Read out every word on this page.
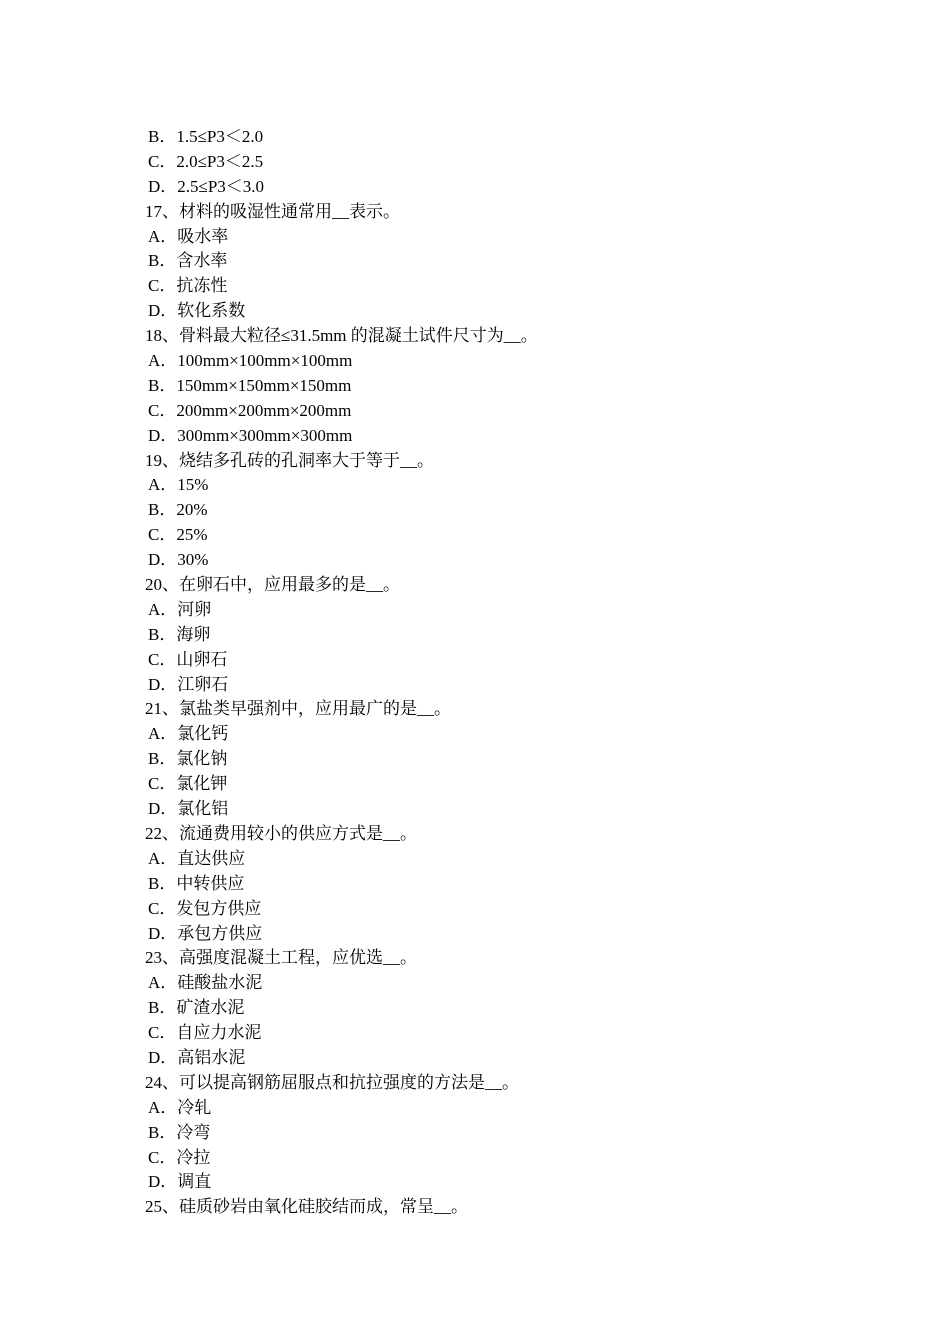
B．1.5≤P3＜2.0
C．2.0≤P3＜2.5
D．2.5≤P3＜3.0
17、材料的吸湿性通常用__表示。
A．吸水率
B．含水率
C．抗冻性
D．软化系数
18、骨料最大粒径≤31.5mm 的混凝土试件尺寸为__。
A．100mm×100mm×100mm
B．150mm×150mm×150mm
C．200mm×200mm×200mm
D．300mm×300mm×300mm
19、烧结多孔砖的孔洞率大于等于__。
A．15%
B．20%
C．25%
D．30%
20、在卵石中，应用最多的是__。
A．河卵
B．海卵
C．山卵石
D．江卵石
21、氯盐类早强剂中，应用最广的是__。
A．氯化钙
B．氯化钠
C．氯化钾
D．氯化铝
22、流通费用较小的供应方式是__。
A．直达供应
B．中转供应
C．发包方供应
D．承包方供应
23、高强度混凝土工程，应优选__。
A．硅酸盐水泥
B．矿渣水泥
C．自应力水泥
D．高铝水泥
24、可以提高钢筋屈服点和抗拉强度的方法是__。
A．冷轧
B．冷弯
C．冷拉
D．调直
25、硅质砂岩由氧化硅胶结而成，常呈__。
